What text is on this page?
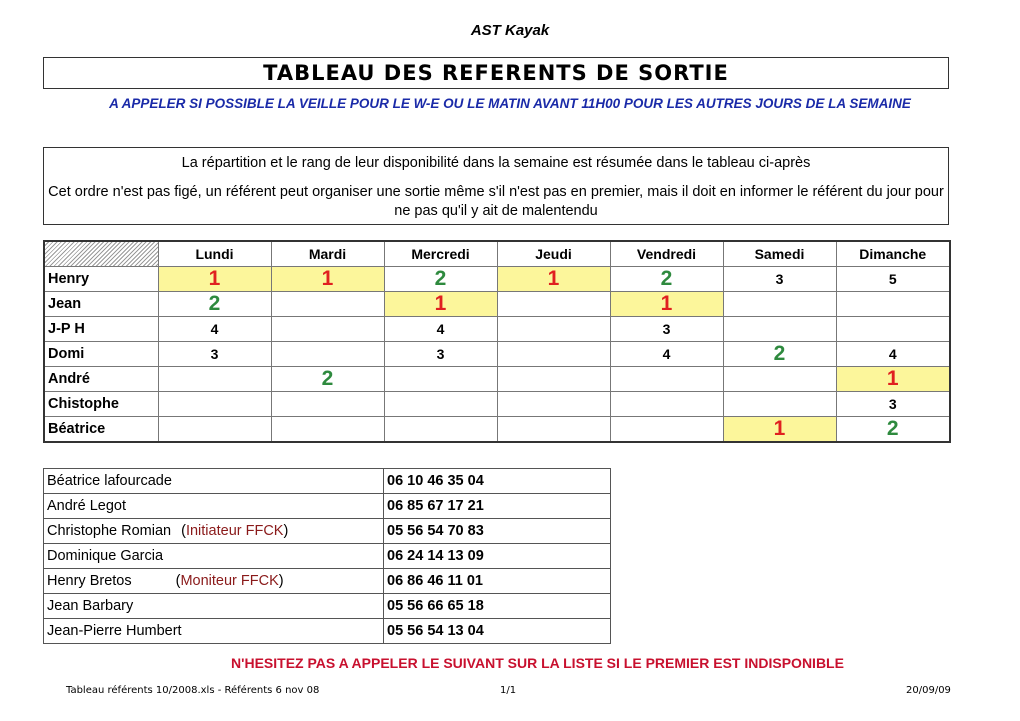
AST Kayak
TABLEAU DES REFERENTS DE SORTIE
A APPELER SI POSSIBLE LA VEILLE POUR LE W-E OU LE MATIN AVANT 11H00 POUR LES AUTRES JOURS DE LA SEMAINE
La répartition et le rang de leur disponibilité dans la semaine est résumée dans le tableau ci-après
Cet ordre n'est pas figé, un référent peut organiser une sortie même s'il n'est pas en premier, mais il doit en informer le référent du jour pour ne pas qu'il y ait de malentendu
	Lundi	Mardi	Mercredi	Jeudi	Vendredi	Samedi	Dimanche
Henry	1	1	2	1	2	3	5
Jean	2		1		1		
J-P H	4		4		3		
Domi	3		3		4	2	4
André		2					1
Chistophe							3
Béatrice						1	2
Béatrice lafourcade	06 10 46 35 04
André Legot	06 85 67 17 21
Christophe Romian (Initiateur FFCK)	05 56 54 70 83
Dominique Garcia	06 24 14 13 09
Henry Bretos (Moniteur FFCK)	06 86 46 11 01
Jean Barbary	05 56 66 65 18
Jean-Pierre Humbert	05 56 54 13 04
N'HESITEZ PAS A APPELER LE SUIVANT SUR LA LISTE SI LE PREMIER EST INDISPONIBLE
Tableau référents 10/2008.xls - Référents 6 nov 08	1/1	20/09/09
